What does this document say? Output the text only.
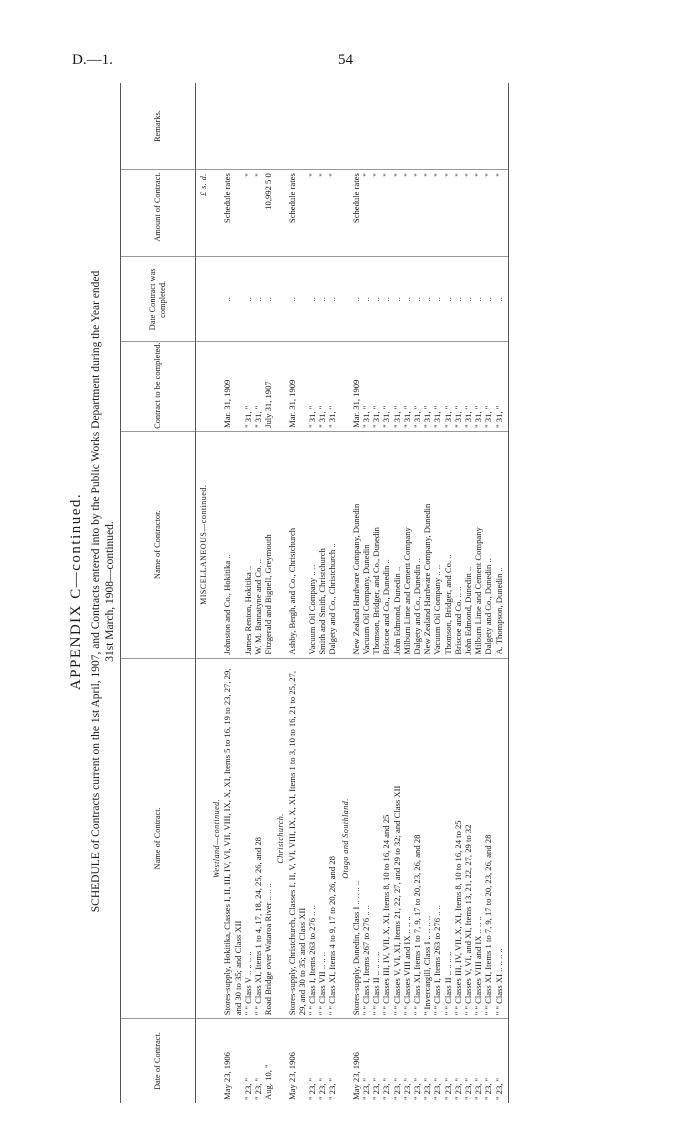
D.—1.	54
APPENDIX C—continued. SCHEDULE of Contracts current on the 1st April, 1907, and Contracts entered into by the Public Works Department during the Year ended 31st March, 1908—continued.
Date of Contract.	Name of Contract.	Name of Contractor.	Contract to be completed.	Date Contract was completed.	Amount of Contract.	Remarks.
		MISCELLANEOUS—continued.			£ s. d.	
	Westland—continued.					
May 23, 1906	Stores-supply, Hokitika, Classes I, II, III, IV, VI, VII, VIII, IX, X, XI, Items 5 to 16, 19 to 23, 27, 29, and 30 to 35; and Class XII	Johnston and Co., Hokitika ..	Mar. 31, 1909	..	Schedule rates	
" 23, "	" " Class V .. .. .. ..	James Renton, Hokitika ..	" 31, "	..	"	
" 23, "	" " Class XI, Items 1 to 4, 17, 18, 24, 25, 26, and 28	W. M. Bannatyne and Co. ..	" 31, "	..	"	
Aug. 10, "	Road Bridge over Wataroa River .. .. ..	Fitzgerald and Bignell, Greymouth	July 31, 1907	..	10,992 5 0	
	Christchurch.					
May 23, 1906	Stores-supply, Christchurch, Classes I, II, V, VI, VIII, IX, X, XI, Items 1 to 3, 10 to 16, 21 to 25, 27, 29, and 30 to 35; and Class XII	Ashby, Bergh, and Co., Christchurch	Mar. 31, 1909	..	Schedule rates	
" 23, "	" " Class I, Items 263 to 276 .. ..	Vacuum Oil Company .. ..	" 31, "	..	"	
" 23, "	" " Class VII .. .. ..	Smith and Smith, Christchurch	" 31, "	..	"	
" 23, "	" " Class XI, Items 4 to 9, 17 to 20, 26, and 28	Dalgety and Co., Christchurch ..	" 31, "	..	"	
	Otago and Southland.					
May 23, 1906	Stores-supply, Dunedin, Class I .. .. .. ..	New Zealand Hardware Company, Dunedin	Mar. 31, 1909	..	Schedule rates	
" 23, "	" " Class I, Items 267 to 276 .. ..	Vacuum Oil Company, Dunedin	" 31, "	..	"	
" 23, "	" " Class II .. .. .. ..	Thomson, Bridger, and Co., Dunedin	" 31, "	..	"	
" 23, "	" " Classes III, IV, VII, X, XI, Items 8, 10 to 16, 24 and 25	Briscoe and Co., Dunedin ..	" 31, "	..	"	
" 23, "	" " Classes V, VI, XI, Items 21, 22, 27, and 29 to 32; and Class XII	John Edmond, Dunedin ..	" 31, "	..	"	
" 23, "	" " Classes VIII and IX .. .. ..	Milburn Lime and Cement Company	" 31, "	..	"	
" 23, "	" " Class XI, Items 1 to 7, 9, 17 to 20, 23, 26, and 28	Dalgety and Co., Dunedin ..	" 31, "	..	"	
" 23, "	" Invercargill, Class I .. .. .. ..	New Zealand Hardware Company, Dunedin	" 31, "	..	"	
" 23, "	" " Class I, Items 263 to 276 .. ..	Vacuum Oil Company .. ..	" 31, "	..	"	
" 23, "	" " Class II .. .. .. ..	Thomson, Bridger, and Co. ..	" 31, "	..	"	
" 23, "	" " Classes III, IV, VII, X, XI, Items 8, 10 to 16, 24 to 25	Briscoe and Co. .. ..	" 31, "	..	"	
" 23, "	" " Classes V, VI, and XI, Items 13, 21, 22, 27, 29 to 32	John Edmond, Dunedin ..	" 31, "	..	"	
" 23, "	" " Classes VIII and IX .. .. ..	Milburn Lime and Cement Company	" 31, "	..	"	
" 23, "	" " Class XI, Items 1 to 7, 9, 17 to 20, 23, 26, and 28	Dalgety and Co., Dunedin ..	" 31, "	..	"	
" 23, "	" " Class XI .. .. .. ..	A. Thompson, Dunedin ..	" 31, "	..	"	
